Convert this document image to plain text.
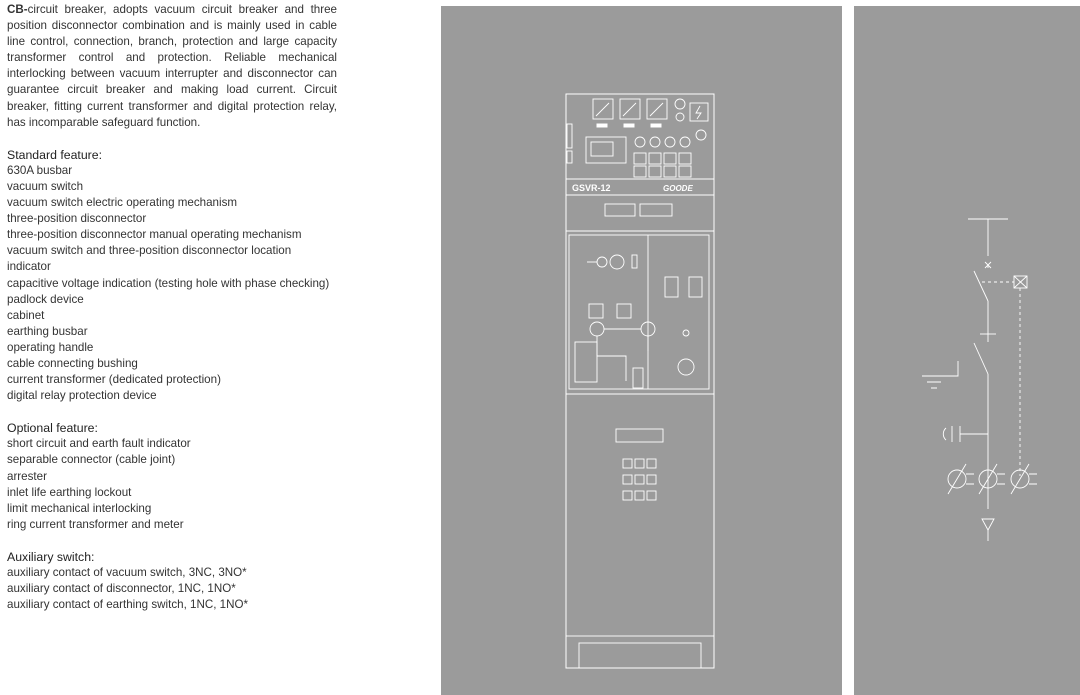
CB-circuit breaker, adopts vacuum circuit breaker and three position disconnector combination and is mainly used in cable line control, connection, branch, protection and large capacity transformer control and protection. Reliable mechanical interlocking between vacuum interrupter and disconnector can guarantee circuit breaker and making load current. Circuit breaker, fitting current transformer and digital protection relay, has incomparable safeguard function.

Standard feature:
630A busbar
vacuum switch
vacuum switch electric operating mechanism
three-position disconnector
three-position disconnector manual operating mechanism
vacuum switch and three-position disconnector location indicator
capacitive voltage indication (testing hole with phase checking)
padlock device
cabinet
earthing busbar
operating handle
cable connecting bushing
current transformer (dedicated protection)
digital relay protection device
Optional feature:
short circuit and earth fault indicator
separable connector (cable joint)
arrester
inlet life earthing lockout
limit mechanical interlocking
ring current transformer and meter
Auxiliary switch:
auxiliary contact of vacuum switch, 3NC, 3NO*
auxiliary contact of disconnector, 1NC, 1NO*
auxiliary contact of earthing switch, 1NC, 1NO*
GSVR-12	GOODE
